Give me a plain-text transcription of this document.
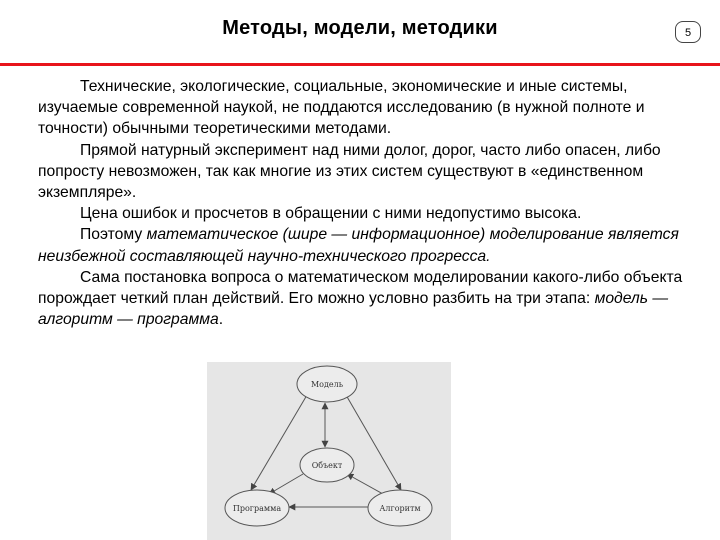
Методы, модели, методики	5

Технические, экологические, социальные, экономические и иные системы, изучаемые современной наукой, не поддаются исследованию (в нужной полноте и точности) обычными теоретическими методами.

Прямой натурный эксперимент над ними долог, дорог, часто либо опасен, либо попросту невозможен, так как многие из этих систем существуют в «единственном экземпляре».

Цена ошибок и просчетов в обращении с ними недопустимо высока.

Поэтому математическое (шире — информационное) моделирование является неизбежной составляющей научно-технического прогресса.

Сама постановка вопроса о математическом моделировании какого-либо объекта порождает четкий план действий. Его можно условно разбить на три этапа: модель — алгоритм — программа.

Модель
Объект
Программа	Алгоритм
